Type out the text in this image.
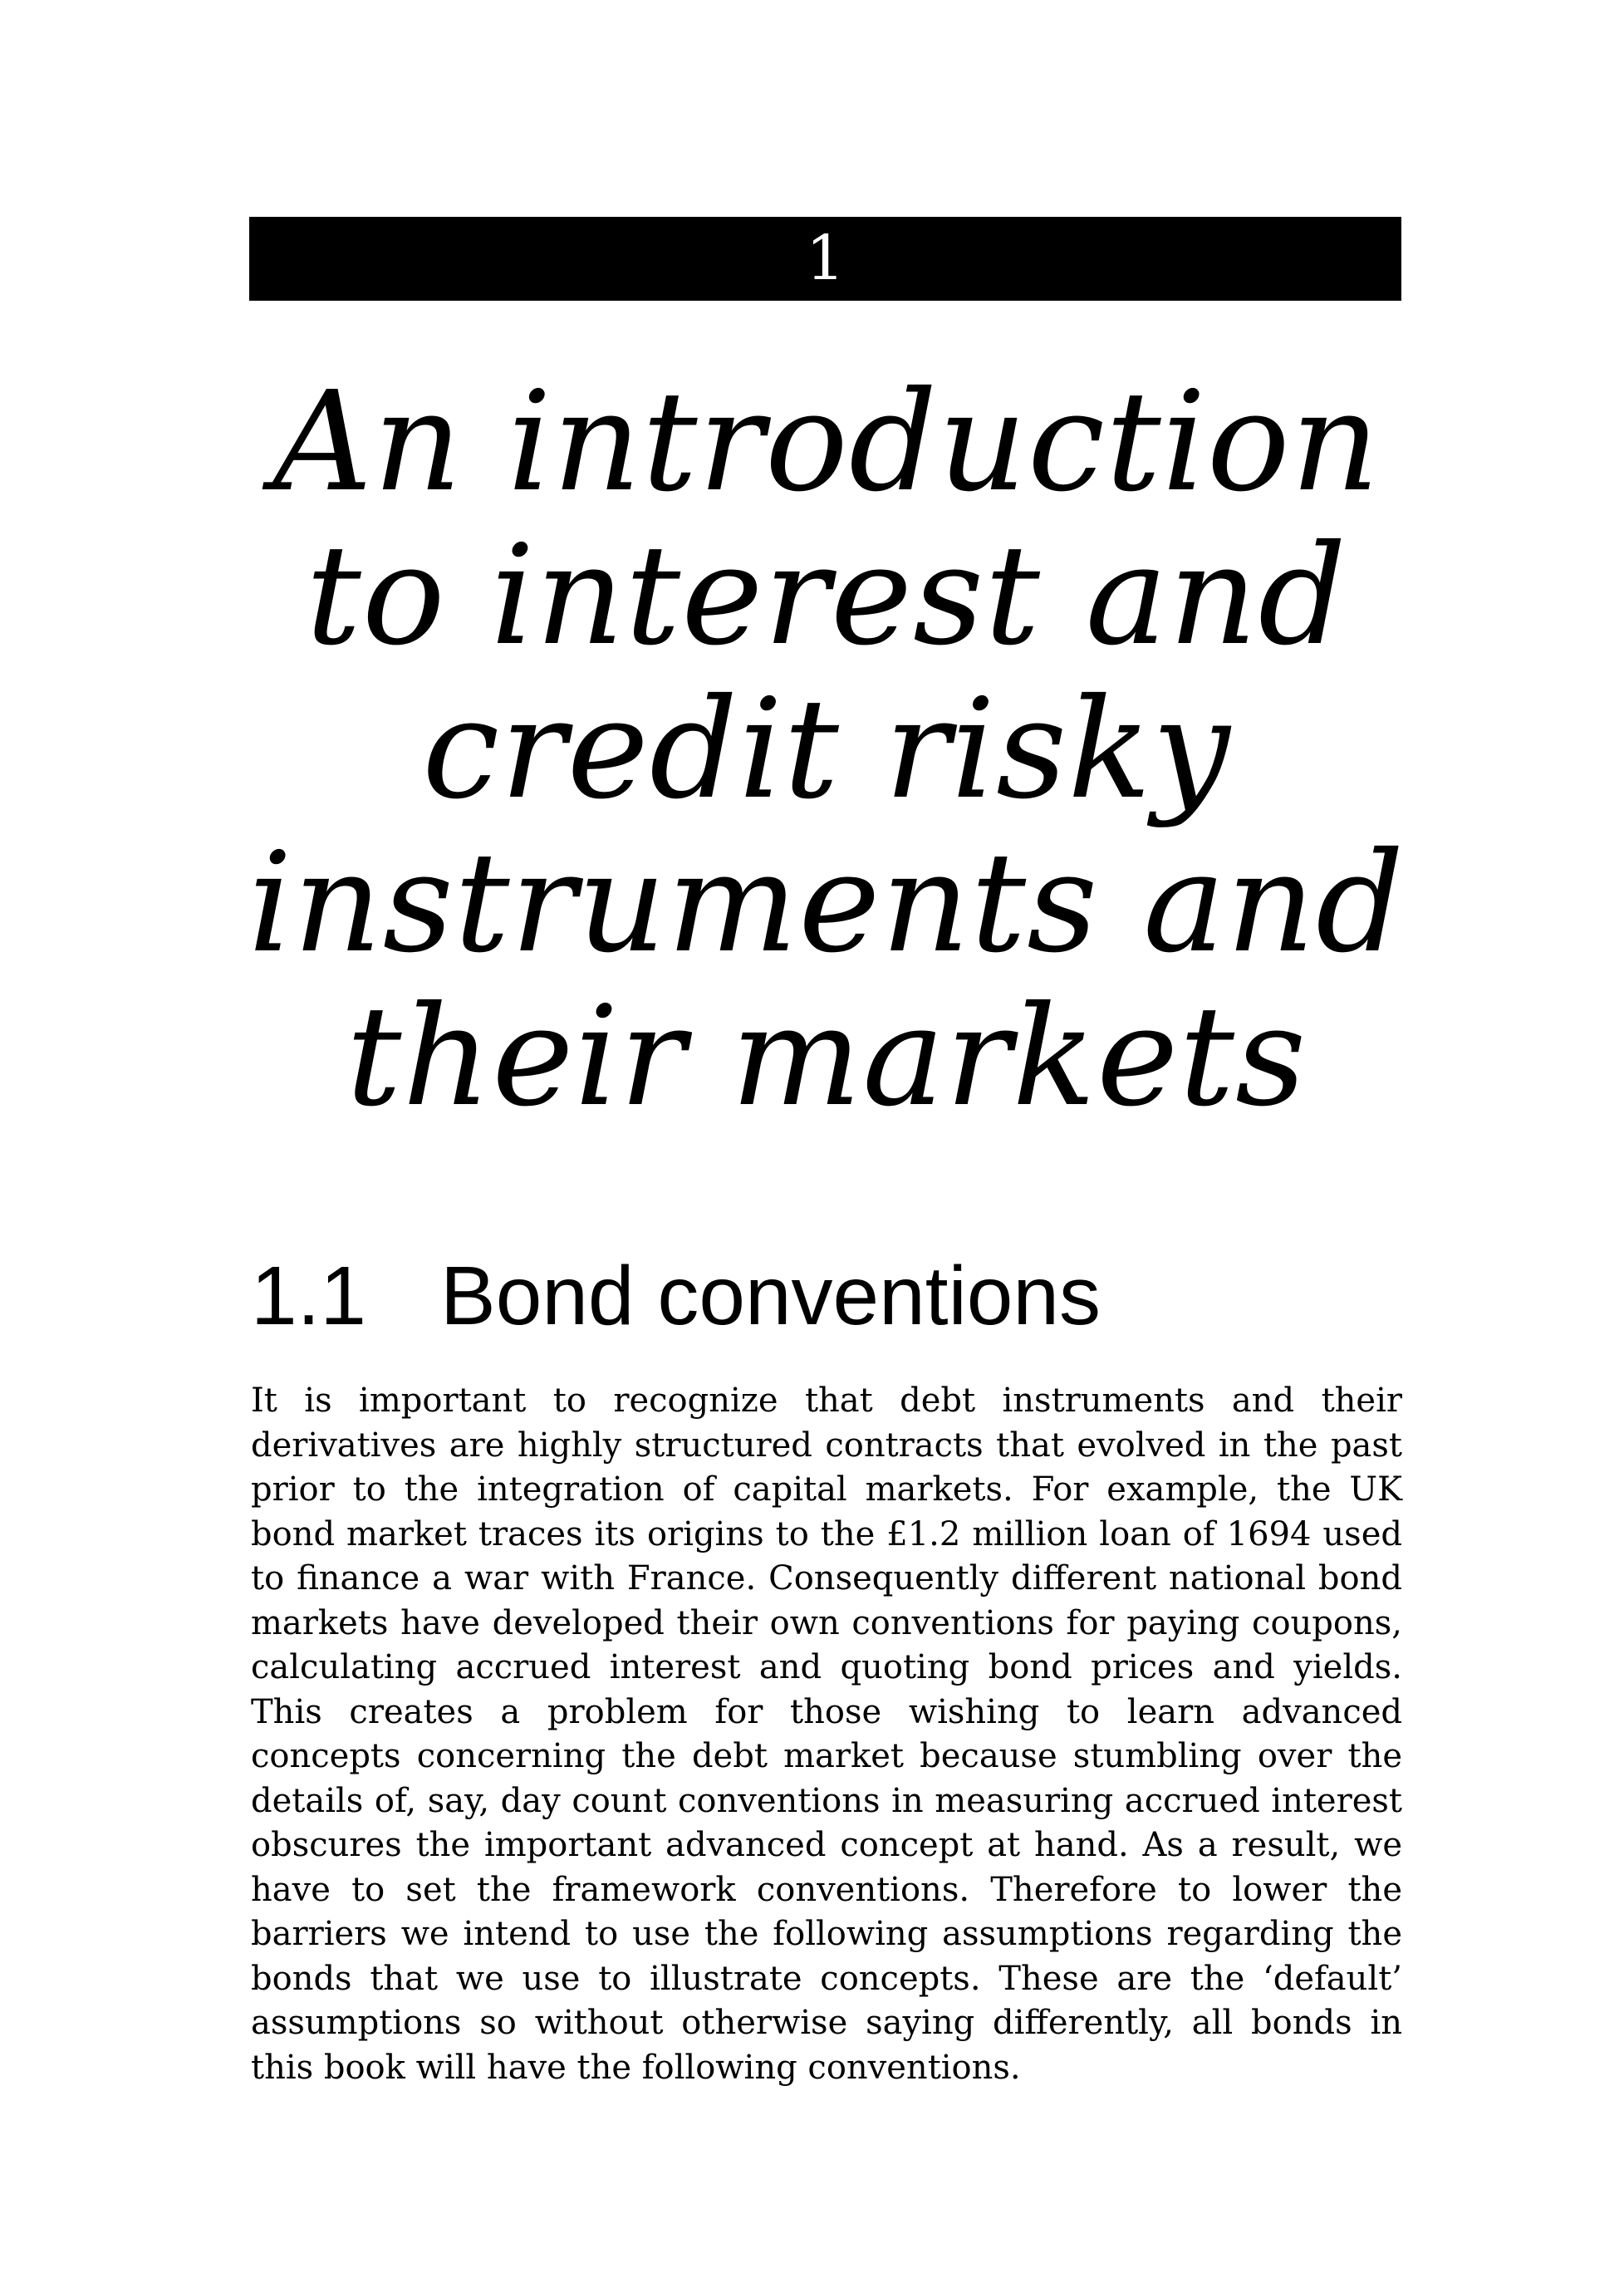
1
An introduction to interest and credit risky instruments and their markets
1.1 Bond conventions

It is important to recognize that debt instruments and their derivatives are highly structured contracts that evolved in the past prior to the integration of capital markets. For example, the UK bond market traces its origins to the £1.2 million loan of 1694 used to finance a war with France. Consequently different national bond markets have developed their own conventions for paying coupons, calculating accrued interest and quoting bond prices and yields. This creates a problem for those wishing to learn advanced concepts concerning the debt market because stumbling over the details of, say, day count conventions in measuring accrued interest obscures the important advanced concept at hand. As a result, we have to set the framework conventions. Therefore to lower the barriers we intend to use the following assumptions regarding the bonds that we use to illustrate concepts. These are the ‘default’ assumptions so without otherwise saying differently, all bonds in this book will have the following conventions.
